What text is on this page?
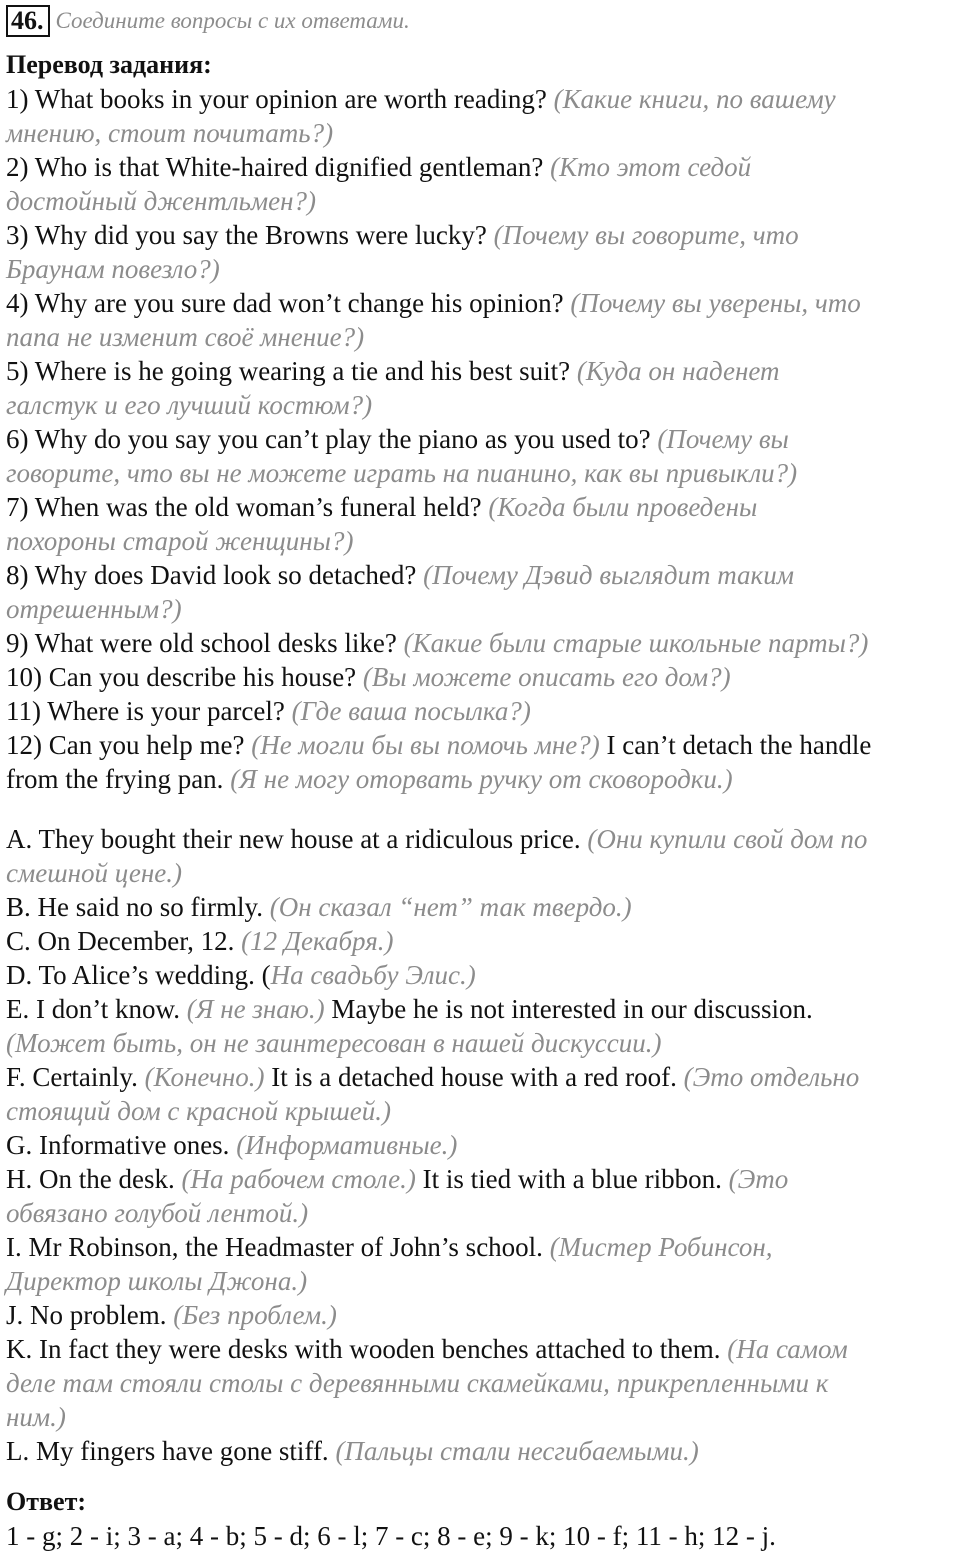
46. Соедините вопросы с их ответами.
Перевод задания:
1) What books in your opinion are worth reading? (Какие книги, по вашему
мнению, стоит почитать?)
2) Who is that White-haired dignified gentleman? (Кто этот седой
достойный джентльмен?)
3) Why did you say the Browns were lucky? (Почему вы говорите, что
Браунам повезло?)
4) Why are you sure dad won’t change his opinion? (Почему вы уверены, что
папа не изменит своё мнение?)
5) Where is he going wearing a tie and his best suit? (Куда он наденет
галстук и его лучший костюм?)
6) Why do you say you can’t play the piano as you used to? (Почему вы
говорите, что вы не можете играть на пианино, как вы привыкли?)
7) When was the old woman’s funeral held? (Когда были проведены
похороны старой женщины?)
8) Why does David look so detached? (Почему Дэвид выглядит таким
отрешенным?)
9) What were old school desks like? (Какие были старые школьные парты?)
10) Can you describe his house? (Вы можете описать его дом?)
11) Where is your parcel? (Где ваша посылка?)
12) Can you help me? (Не могли бы вы помочь мне?) I can’t detach the handle
from the frying pan. (Я не могу оторвать ручку от сковородки.)
A. They bought their new house at a ridiculous price. (Они купили свой дом по
смешной цене.)
B. He said no so firmly. (Он сказал “нет” так твердо.)
C. On December, 12. (12 Декабря.)
D. To Alice’s wedding. (На свадьбу Элис.)
E. I don’t know. (Я не знаю.) Maybe he is not interested in our discussion.
(Может быть, он не заинтересован в нашей дискуссии.)
F. Certainly. (Конечно.) It is a detached house with a red roof. (Это отдельно
стоящий дом с красной крышей.)
G. Informative ones. (Информативные.)
H. On the desk. (На рабочем столе.) It is tied with a blue ribbon. (Это
обвязано голубой лентой.)
I. Mr Robinson, the Headmaster of John’s school. (Мистер Робинсон,
Директор школы Джона.)
J. No problem. (Без проблем.)
K. In fact they were desks with wooden benches attached to them. (На самом
деле там стояли столы с деревянными скамейками, прикрепленными к
ним.)
L. My fingers have gone stiff. (Пальцы стали несгибаемыми.)
Ответ:
1 - g; 2 - i; 3 - a; 4 - b; 5 - d; 6 - l; 7 - c; 8 - e; 9 - k; 10 - f; 11 - h; 12 - j.
